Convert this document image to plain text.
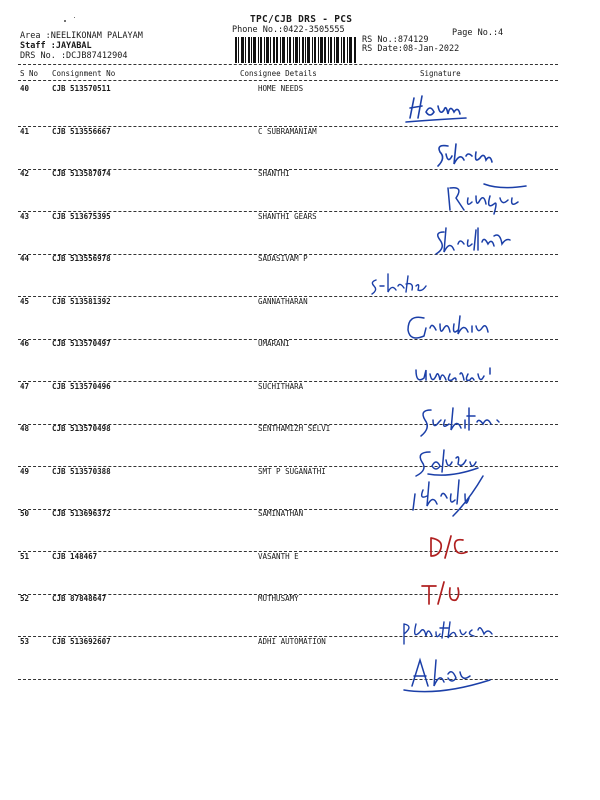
TPC/CJB DRS - PCS
Phone No.:0422-3505555	Page No.:4
Area :NEELIKONAM PALAYAM
Staff :JAYABAL
DRS No. :DCJB87412904
RS No.:874129
RS Date:08-Jan-2022
S No Consignment No	Consignee Details	Signature
40	CJB 513570511	HOME NEEDS
41	CJB 513556667	C SUBRAMANIAM
42	CJB 513587074	SHANTHI
43	CJB 513675395	SHANTHI GEARS
44	CJB 513556978	SADASIVAM P
45	CJB 513581392	GANNATHARAN
46	CJB 513570497	UMARANI
47	CJB 513570496	SUCHITHARA
48	CJB 513570498	SENTHAMIZH SELVI
49	CJB 513570388	SMT P SUGANATHI
50	CJB 513696372	SAMINATHAN
51	CJB 148467	VASANTH E
52	CJB 87848647	MUTHUSAMY
53	CJB 513692607	ADHI AUTOMATION
